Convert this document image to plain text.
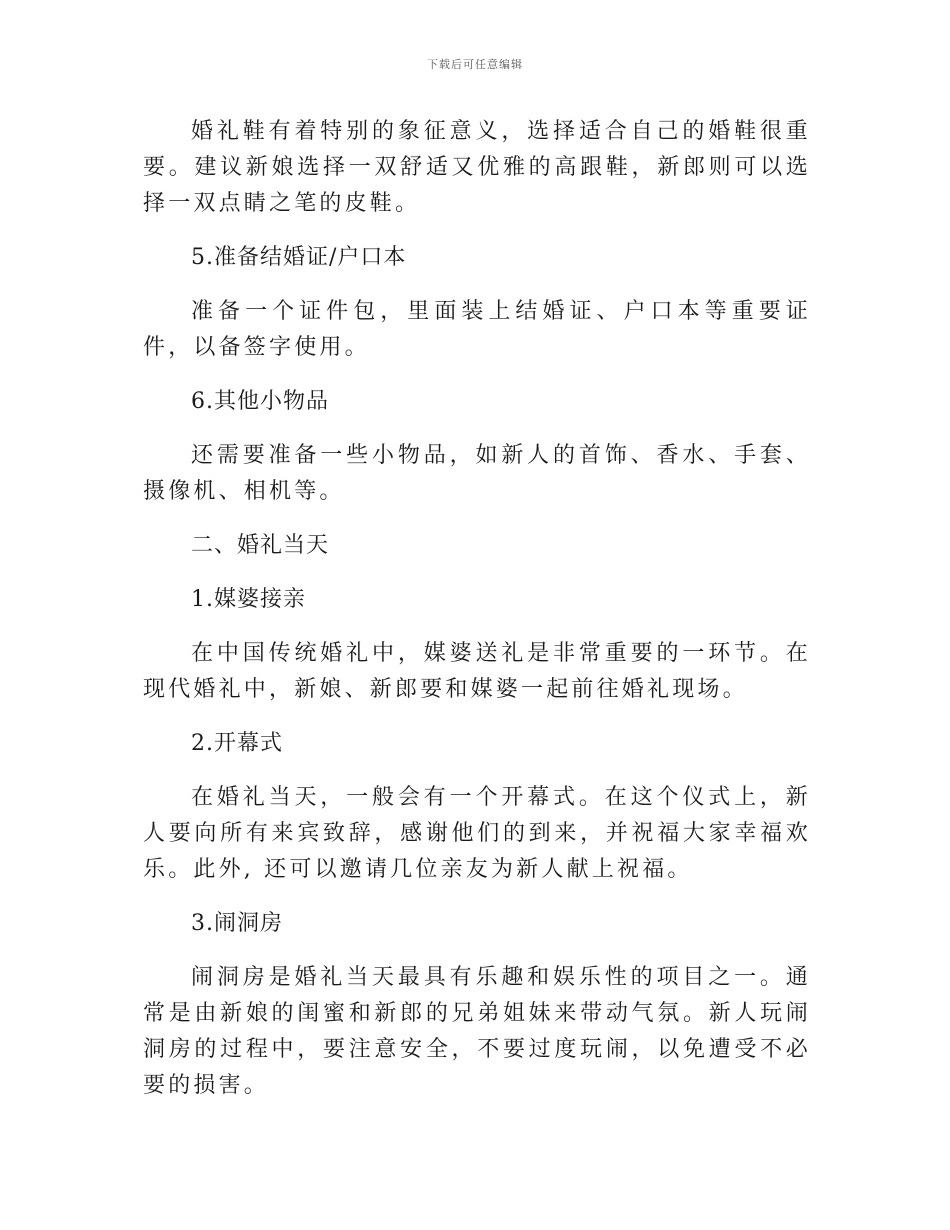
下载后可任意编辑

婚礼鞋有着特别的象征意义，选择适合自己的婚鞋很重要。建议新娘选择一双舒适又优雅的高跟鞋，新郎则可以选择一双点睛之笔的皮鞋。

5.准备结婚证/户口本

准备一个证件包，里面装上结婚证、户口本等重要证件，以备签字使用。

6.其他小物品

还需要准备一些小物品，如新人的首饰、香水、手套、摄像机、相机等。

二、婚礼当天

1.媒婆接亲

在中国传统婚礼中，媒婆送礼是非常重要的一环节。在现代婚礼中，新娘、新郎要和媒婆一起前往婚礼现场。

2.开幕式

在婚礼当天，一般会有一个开幕式。在这个仪式上，新人要向所有来宾致辞，感谢他们的到来，并祝福大家幸福欢乐。此外, 还可以邀请几位亲友为新人献上祝福。

3.闹洞房

闹洞房是婚礼当天最具有乐趣和娱乐性的项目之一。通常是由新娘的闺蜜和新郎的兄弟姐妹来带动气氛。新人玩闹洞房的过程中，要注意安全，不要过度玩闹，以免遭受不必要的损害。
